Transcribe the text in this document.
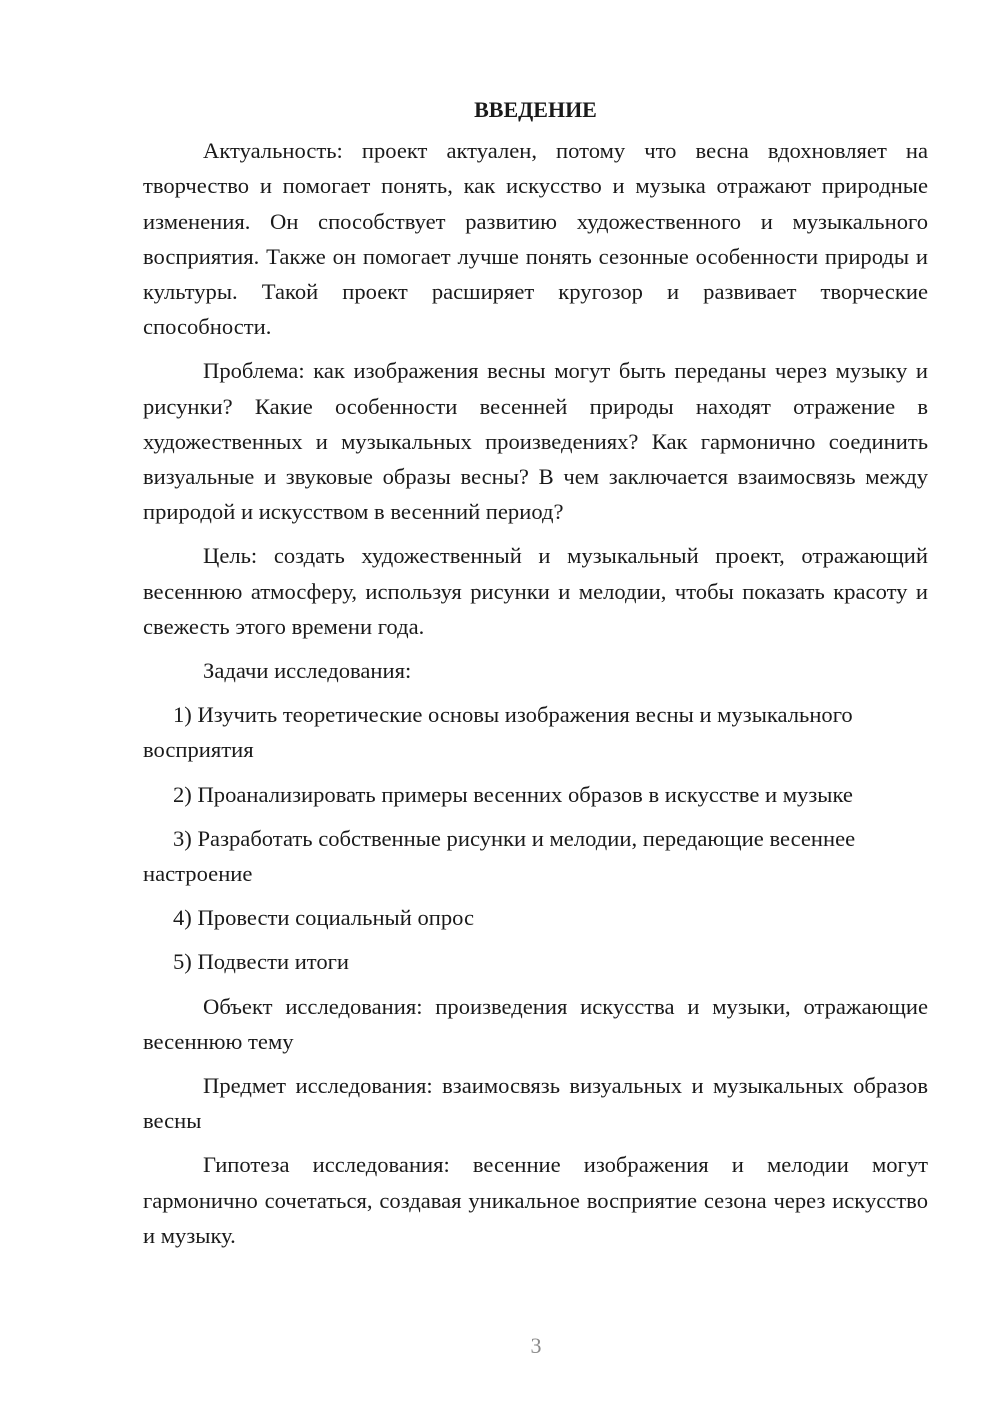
ВВЕДЕНИЕ

Актуальность: проект актуален, потому что весна вдохновляет на творчество и помогает понять, как искусство и музыка отражают природные изменения. Он способствует развитию художественного и музыкального восприятия. Также он помогает лучше понять сезонные особенности природы и культуры. Такой проект расширяет кругозор и развивает творческие способности.

Проблема: как изображения весны могут быть переданы через музыку и рисунки? Какие особенности весенней природы находят отражение в художественных и музыкальных произведениях? Как гармонично соединить визуальные и звуковые образы весны? В чем заключается взаимосвязь между природой и искусством в весенний период?

Цель: создать художественный и музыкальный проект, отражающий весеннюю атмосферу, используя рисунки и мелодии, чтобы показать красоту и свежесть этого времени года.

Задачи исследования:

1) Изучить теоретические основы изображения весны и музыкального восприятия

2) Проанализировать примеры весенних образов в искусстве и музыке

3) Разработать собственные рисунки и мелодии, передающие весеннее настроение

4) Провести социальный опрос

5) Подвести итоги

Объект исследования: произведения искусства и музыки, отражающие весеннюю тему

Предмет исследования: взаимосвязь визуальных и музыкальных образов весны

Гипотеза исследования: весенние изображения и мелодии могут гармонично сочетаться, создавая уникальное восприятие сезона через искусство и музыку.

3
